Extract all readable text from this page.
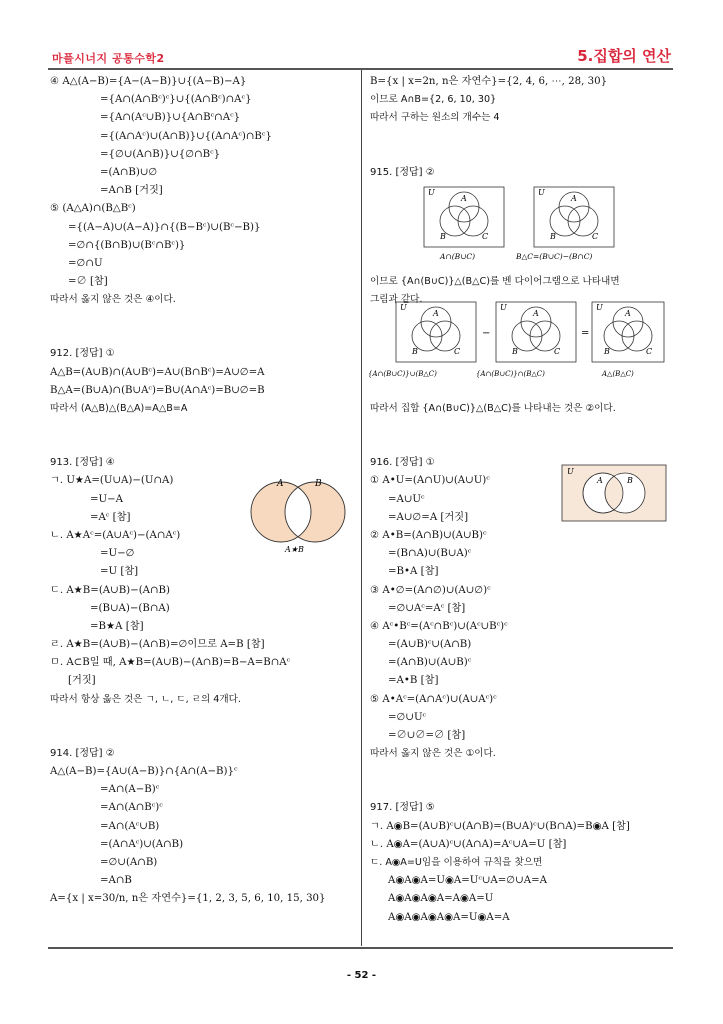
마플시너지 공통수학2	5.집합의 연산
④ A△(A−B)={A−(A−B)}∪{(A−B)−A}
={A∩(A∩Bᶜ)ᶜ}∪{(A∩Bᶜ)∩Aᶜ}
={A∩(Aᶜ∪B)}∪{A∩Bᶜ∩Aᶜ}
={(A∩Aᶜ)∪(A∩B)}∪{(A∩Aᶜ)∩Bᶜ}
={∅∪(A∩B)}∪{∅∩Bᶜ}
=(A∩B)∪∅
=A∩B [거짓]
⑤ (A△A)∩(B△Bᶜ)
={(A−A)∪(A−A)}∩{(B−Bᶜ)∪(Bᶜ−B)}
=∅∩{(B∩B)∪(Bᶜ∩Bᶜ)}
=∅∩U
=∅ [참]
따라서 옳지 않은 것은 ④이다.
912. [정답] ①
A△B=(A∪B)∩(A∪Bᶜ)=A∪(B∩Bᶜ)=A∪∅=A
B△A=(B∪A)∩(B∪Aᶜ)=B∪(A∩Aᶜ)=B∪∅=B
따라서 (A△B)△(B△A)=A△B=A
913. [정답] ④
ㄱ. U★A=(U∪A)−(U∩A)
=U−A
=Aᶜ [참]
ㄴ. A★Aᶜ=(A∪Aᶜ)−(A∩Aᶜ)
=U−∅
=U [참]
ㄷ. A★B=(A∪B)−(A∩B)
=(B∪A)−(B∩A)
=B★A [참]
ㄹ. A★B=(A∪B)−(A∩B)=∅이므로 A=B [참]
ㅁ. A⊂B일 때, A★B=(A∪B)−(A∩B)=B−A=B∩Aᶜ
[거짓]
따라서 항상 옳은 것은 ㄱ, ㄴ, ㄷ, ㄹ의 4개다.
914. [정답] ②
A△(A−B)={A∪(A−B)}∩{A∩(A−B)}ᶜ
=A∩(A−B)ᶜ
=A∩(A∩Bᶜ)ᶜ
=A∩(Aᶜ∪B)
=(A∩Aᶜ)∪(A∩B)
=∅∪(A∩B)
=A∩B
A={x | x=30/n, n은 자연수}={1, 2, 3, 5, 6, 10, 15, 30}
B={x | x=2n, n은 자연수}={2, 4, 6, ⋯, 28, 30}
이므로 A∩B={2, 6, 10, 30}
따라서 구하는 원소의 개수는 4
915. [정답] ②
이므로 {A∩(B∪C)}△(B△C)를 벤 다이어그램으로 나타내면
그림과 같다.
따라서 집합 {A∩(B∪C)}△(B△C)를 나타내는 것은 ②이다.
916. [정답] ①
① A•U=(A∩U)∪(A∪U)ᶜ
=A∪Uᶜ
=A∪∅=A [거짓]
② A•B=(A∩B)∪(A∪B)ᶜ
=(B∩A)∪(B∪A)ᶜ
=B•A [참]
③ A•∅=(A∩∅)∪(A∪∅)ᶜ
=∅∪Aᶜ=Aᶜ [참]
④ Aᶜ•Bᶜ=(Aᶜ∩Bᶜ)∪(Aᶜ∪Bᶜ)ᶜ
=(A∪B)ᶜ∪(A∩B)
=(A∩B)∪(A∪B)ᶜ
=A•B [참]
⑤ A•Aᶜ=(A∩Aᶜ)∪(A∪Aᶜ)ᶜ
=∅∪Uᶜ
=∅∪∅=∅ [참]
따라서 옳지 않은 것은 ①이다.
917. [정답] ⑤
ㄱ. A◉B=(A∪B)ᶜ∪(A∩B)=(B∪A)ᶜ∪(B∩A)=B◉A [참]
ㄴ. A◉A=(A∪A)ᶜ∪(A∩A)=Aᶜ∪A=U [참]
ㄷ. A◉A=U임을 이용하여 규칙을 찾으면
A◉A◉A=U◉A=Uᶜ∪A=∅∪A=A
A◉A◉A◉A=A◉A=U
A◉A◉A◉A◉A=U◉A=A
A	B
A★B
U
A
B	C
A∩(B∪C)
U
A
B	C
B△C=(B∪C)−(B∩C)
U
A
B	C
{A∩(B∪C)}∪(B△C)
−
U
A
B	C
{A∩(B∪C)}∩(B△C)
=
U
A
B	C
A△(B△C)
U
A	B
- 52 -
